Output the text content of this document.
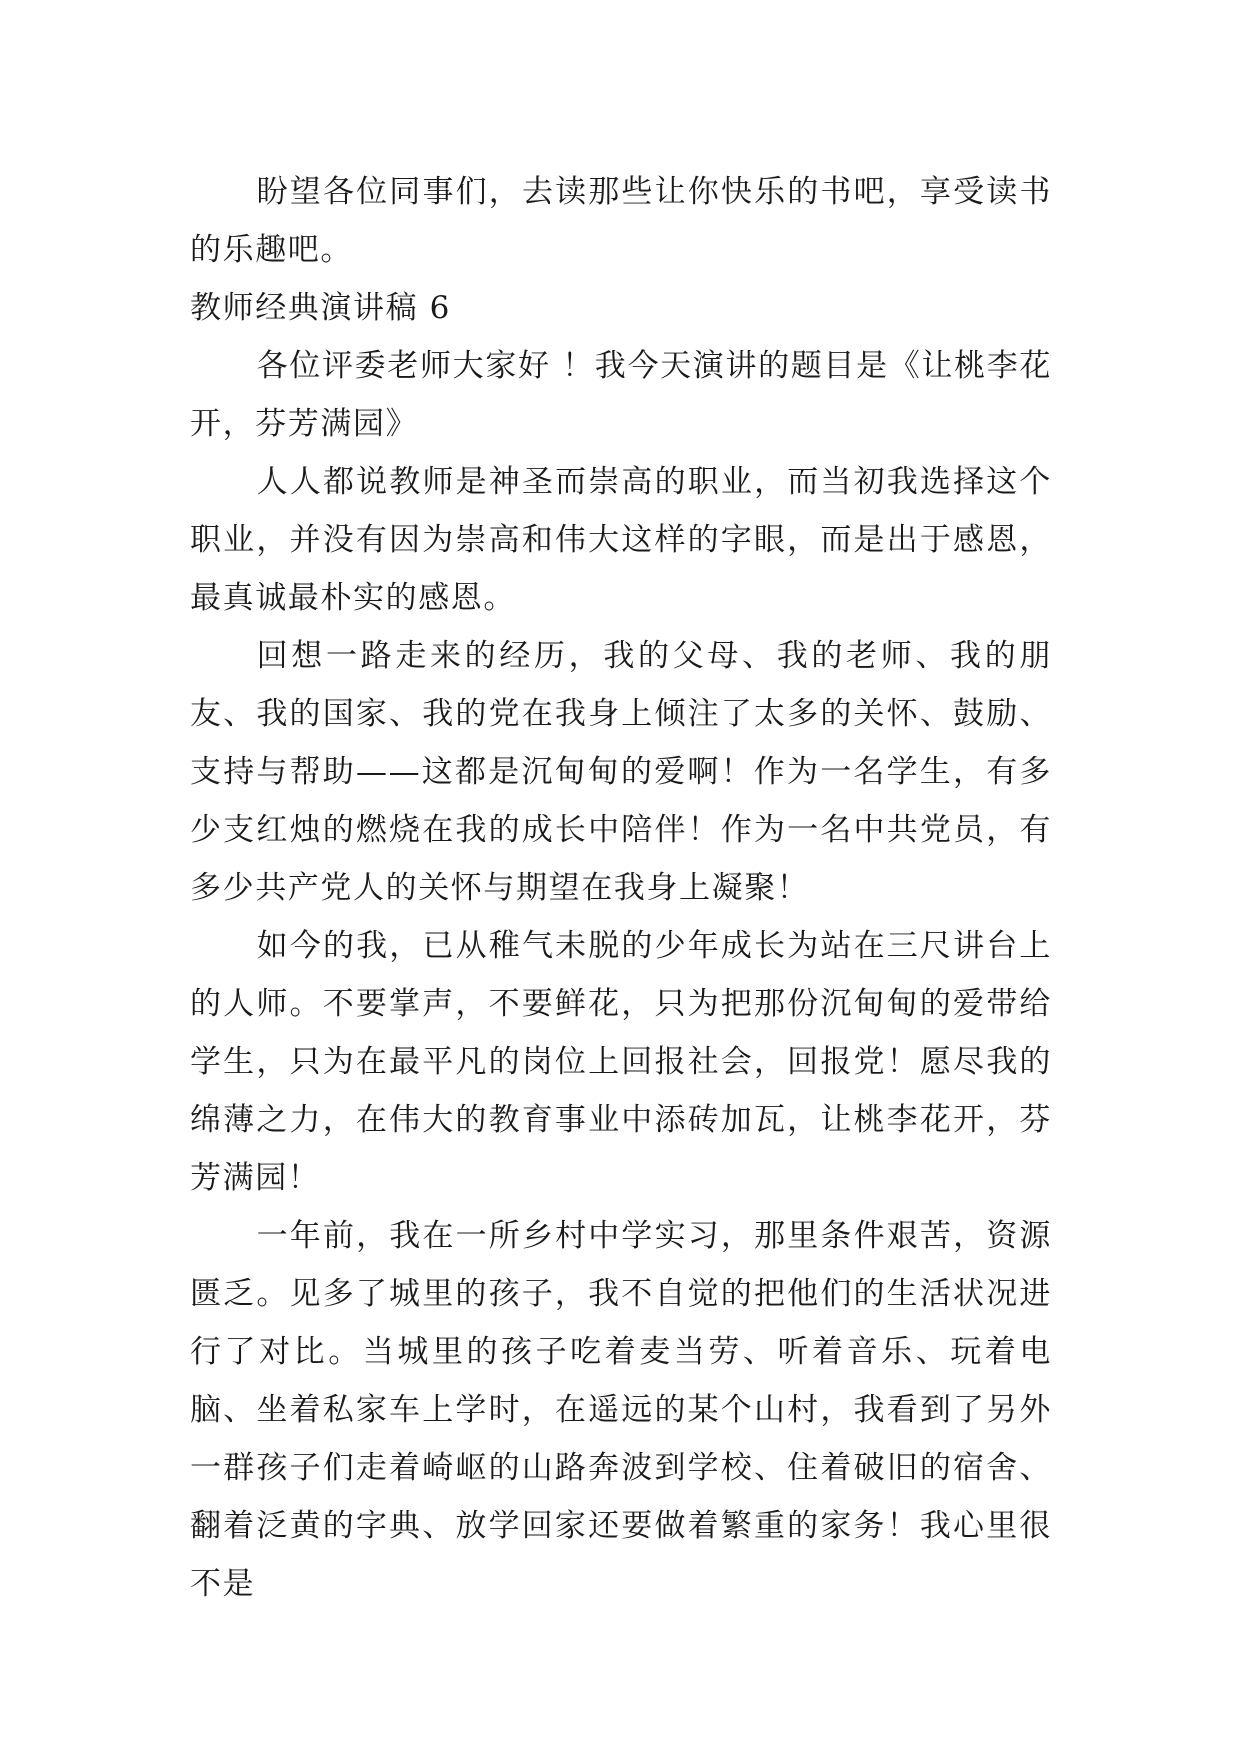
盼望各位同事们，去读那些让你快乐的书吧，享受读书的乐趣吧。

教师经典演讲稿 6

各位评委老师大家好 ！我今天演讲的题目是《让桃李花开，芬芳满园》

人人都说教师是神圣而崇高的职业，而当初我选择这个职业，并没有因为崇高和伟大这样的字眼，而是出于感恩，最真诚最朴实的感恩。

回想一路走来的经历，我的父母、我的老师、我的朋友、我的国家、我的党在我身上倾注了太多的关怀、鼓励、支持与帮助——这都是沉甸甸的爱啊！作为一名学生，有多少支红烛的燃烧在我的成长中陪伴！作为一名中共党员，有多少共产党人的关怀与期望在我身上凝聚！

如今的我，已从稚气未脱的少年成长为站在三尺讲台上的人师。不要掌声，不要鲜花，只为把那份沉甸甸的爱带给学生，只为在最平凡的岗位上回报社会，回报党！愿尽我的绵薄之力，在伟大的教育事业中添砖加瓦，让桃李花开，芬芳满园！

一年前，我在一所乡村中学实习，那里条件艰苦，资源匮乏。见多了城里的孩子，我不自觉的把他们的生活状况进行了对比。当城里的孩子吃着麦当劳、听着音乐、玩着电脑、坐着私家车上学时，在遥远的某个山村，我看到了另外一群孩子们走着崎岖的山路奔波到学校、住着破旧的宿舍、翻着泛黄的字典、放学回家还要做着繁重的家务！我心里很不是
